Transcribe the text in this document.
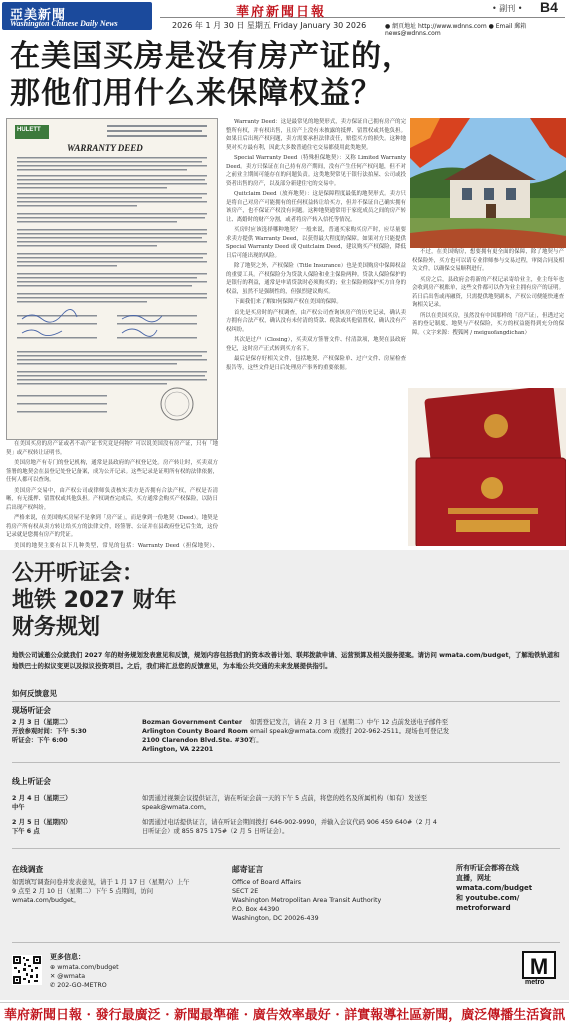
亞美新聞
Washington Chinese Daily News
華府新聞日報	• 副刊 • B4
2026 年 1 月 30 日 星期五 Friday January 30 2026	● 網頁地址 http://www.wdnns.com ● Email 郵箱 news@wdnns.com
在美国买房是没有房产证的，
那他们用什么来保障权益？
HULETT
WARRANTY DEED

在美国买房的房产证或者不动产证书究竟是何物？可以说美国没有房产证，只有「地契」或产权转让证明书。

美国房地产有专门的登记机构，通常是县政府的产权登记处。房产转让时，买卖双方签署的地契会在县登记处登记备案，成为公开记录。这些记录是证明所有权的法律依据，任何人都可以查询。

美国房产交易中，由产权公司或律师负责核实卖方是否拥有合法产权，产权是否清晰，有无抵押、留置权或其他负担。产权调查完成后，买方通常会购买产权保险，以防日后出现产权纠纷。

严格来说，在美国购买房屋不是拿到「房产证」，而是拿到一份地契（Deed）。地契是将房产所有权从卖方转让给买方的法律文件，经签署、公证并在县政府登记后生效，这份记录就是您拥有房产的凭证。

美国的地契主要有以下几种类型，常见的包括：Warranty Deed（担保地契）、

Warranty Deed：这是最常见的地契形式，卖方保证自己拥有房产的完整所有权，并有权出售，且房产上没有未披露的抵押、留置权或其他负担。如果日后出现产权问题，卖方需要承担法律责任，赔偿买方的损失。这种地契对买方最有利，因此大多数普通住宅交易都使用此类地契。

Special Warranty Deed（特殊担保地契）：又称 Limited Warranty Deed。卖方只保证在自己持有房产期间，没有产生任何产权问题，但不对之前业主期间可能存在的问题负责。这类地契常见于银行法拍屋、公司或投资者出售的房产，以及部分新建住宅的交易中。

Quitclaim Deed（放弃地契）：这是保障程度最低的地契形式。卖方只是将自己对房产可能拥有的任何权益转让给买方，但并不保证自己确实拥有该房产，也不保证产权没有问题。这种地契通常用于家庭成员之间的房产转让、离婚时的财产分割，或者将房产转入信托等情况。

买房时应该选择哪种地契？一般来说，普通买家购买房产时，应尽量要求卖方提供 Warranty Deed，以获得最大程度的保障。如果对方只能提供 Special Warranty Deed 或 Quitclaim Deed，建议购买产权保险，降低日后可能出现的风险。

除了地契之外，产权保险（Title Insurance）也是美国购房中保障权益的重要工具。产权保险分为贷款人保险和业主保险两种。贷款人保险保护的是银行的利益，通常是申请贷款时必须购买的；业主保险则保护买方自身的权益，虽然不是强制性的，但强烈建议购买。

下面我们来了解如何保障产权在美国的保障。

首先是买房时的产权调查，由产权公司查询该房产的历史记录，确认卖方拥有合法产权，确认没有未付清的贷款、税款或其他留置权，确认没有产权纠纷。

其次是过户（Closing），买卖双方签署文件、付清款项，地契在县政府登记，这时房产正式转到买方名下。

最后是保存好相关文件，包括地契、产权保险单、过户文件、房屋检查报告等，这些文件是日后处理房产事务的重要依据。

不过，在美国购房，想要拥有更全面的保障，除了地契与产权保险外，买方也可以请专业律师参与交易过程，审阅合同及相关文件，以确保交易顺利进行。

买房之后，县政府会将新的产权记录寄给业主，业主每年也会收到房产税账单，这些文件都可以作为业主拥有房产的证明。若日后出售或再融资，只需提供地契副本，产权公司便能快速查询相关记录。

所以在美国买房，虽然没有中国那样的「房产证」，但透过完善的登记制度、地契与产权保险，买方的权益能得到充分的保障。（文字来源：搜狐网 / meiguofangdichan）

公开听证会：
地铁 2027 财年
财务规划
地铁公司诚邀公众就我们 2027 年的财务规划发表意见和反馈，规划内容包括我们的资本改善计划、联邦拨款申请、运营预算及相关服务提案。请访问 wmata.com/budget，了解地铁轨道和地铁巴士的拟议变更以及拟议投资项目。之后，我们将汇总您的反馈意见，为本地公共交通的未来发展提供指引。
如何反馈意见
现场听证会
2 月 3 日（星期二）
开放参观时间：下午 5:30
听证会：下午 6:00
Bozman Government Center
Arlington County Board Room
2100 Clarendon Blvd.Ste. #307
Arlington, VA 22201
如需登记发言，请在 2 月 3 日（星期二）中午 12 点前发送电子邮件至 email speak@wmata.com 或拨打 202-962-2511。现场也可登记发言。
线上听证会
2 月 4 日（星期三）
中午
2 月 5 日（星期四）
下午 6 点
如需通过视频会议提供证言，请在听证会前一天的下午 5 点前，将您的姓名及所属机构（如有）发送至 speak@wmata.com。
如需通过电话提供证言，请在听证会期间拨打 646-902-9990，并输入会议代码 906 459 640#（2 月 4 日听证会）或 855 875 175#（2 月 5 日听证会）。
在线调查
如需填写调查问卷并发表意见，请于 1 月 17 日（星期六）上午 9 点至 2 月 10 日（星期二）下午 5 点期间，访问 wmata.com/budget。
邮寄证言
Office of Board Affairs
SECT 2E
Washington Metropolitan Area Transit Authority
P.O. Box 44390
Washington, DC 20026-439
所有听证会都将在线
直播，网址
wmata.com/budget
和 youtube.com/
metroforward
更多信息：
⊕ wmata.com/budget
✕ @wmata
✆ 202-GO-METRO
M
metro
華府新聞日報 · 發行最廣泛 · 新聞最準確 · 廣告效率最好 · 詳實報導社區新聞，廣泛傳播生活資訊
